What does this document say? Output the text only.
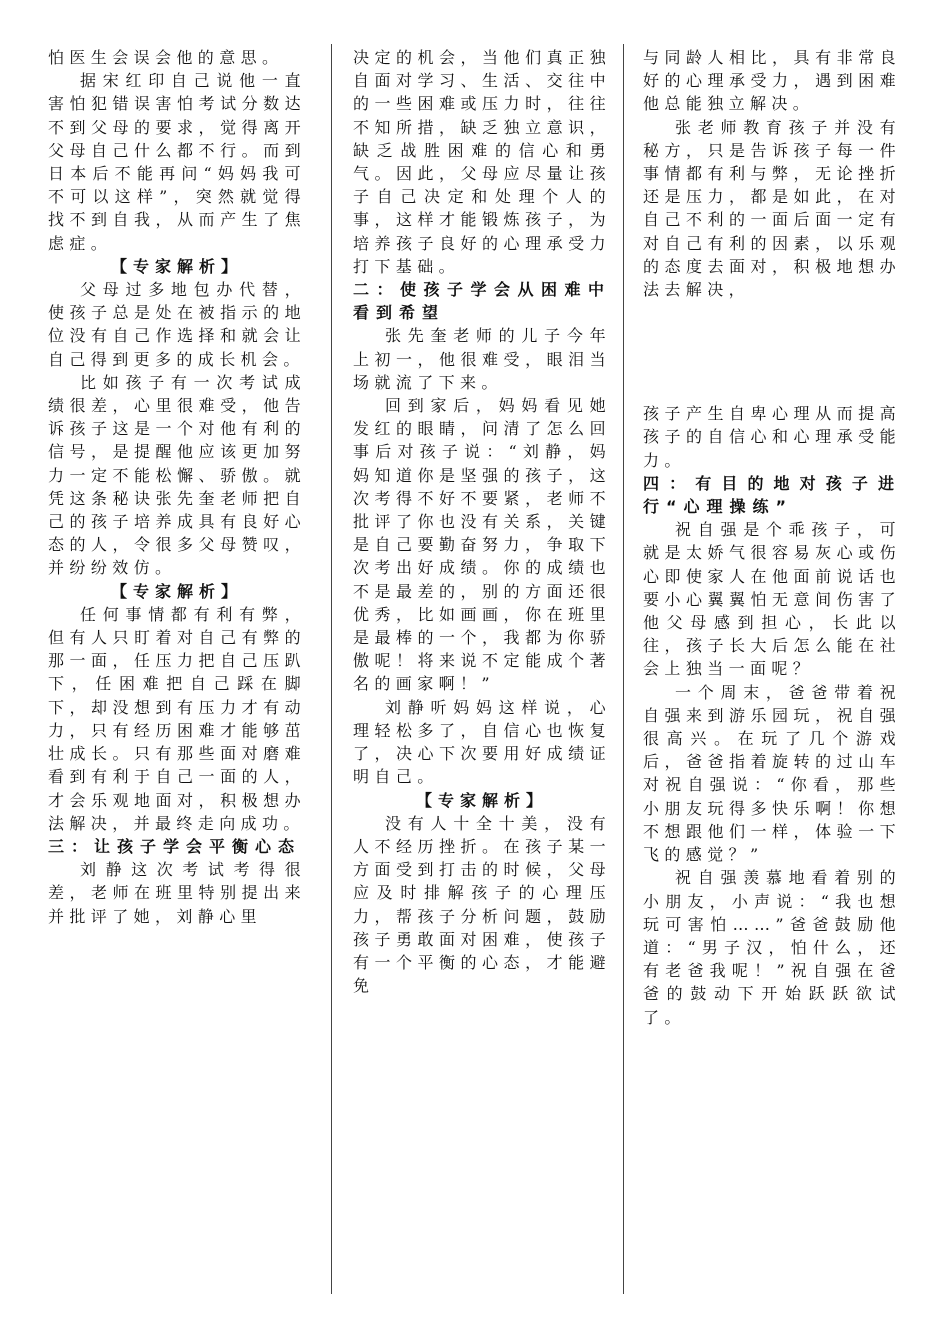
怕医生会误会他的意思。

据宋红印自己说他一直害怕犯错误害怕考试分数达不到父母的要求，觉得离开父母自己什么都不行。而到日本后不能再问“妈妈我可不可以这样”，突然就觉得找不到自我，从而产生了焦虑症。

【专家解析】

父母过多地包办代替，使孩子总是处在被指示的地位没有自己作选择和就会让自己得到更多的成长机会。

比如孩子有一次考试成绩很差，心里很难受，他告诉孩子这是一个对他有利的信号，是提醒他应该更加努力一定不能松懈、骄傲。就凭这条秘诀张先奎老师把自己的孩子培养成具有良好心态的人，令很多父母赞叹，并纷纷效仿。

【专家解析】

任何事情都有利有弊，但有人只盯着对自己有弊的那一面，任压力把自己压趴下，任困难把自己踩在脚下，却没想到有压力才有动力，只有经历困难才能够茁壮成长。只有那些面对磨难看到有利于自己一面的人，才会乐观地面对，积极想办法解决，并最终走向成功。

三：让孩子学会平衡心态

刘静这次考试考得很差，老师在班里特别提出来并批评了她，刘静心里

决定的机会，当他们真正独自面对学习、生活、交往中的一些困难或压力时，往往不知所措，缺乏独立意识，缺乏战胜困难的信心和勇气。因此，父母应尽量让孩子自己决定和处理个人的事，这样才能锻炼孩子，为培养孩子良好的心理承受力打下基础。

二：使孩子学会从困难中看到希望

张先奎老师的儿子今年上初一，他很难受，眼泪当场就流了下来。

回到家后，妈妈看见她发红的眼睛，问清了怎么回事后对孩子说：“刘静，妈妈知道你是坚强的孩子，这次考得不好不要紧，老师不批评了你也没有关系，关键是自己要勤奋努力，争取下次考出好成绩。你的成绩也不是最差的，别的方面还很优秀，比如画画，你在班里是最棒的一个，我都为你骄傲呢！将来说不定能成个著名的画家啊！”

刘静听妈妈这样说，心理轻松多了，自信心也恢复了，决心下次要用好成绩证明自己。

【专家解析】

没有人十全十美，没有人不经历挫折。在孩子某一方面受到打击的时候，父母应及时排解孩子的心理压力，帮孩子分析问题，鼓励孩子勇敢面对困难，使孩子有一个平衡的心态，才能避免

与同龄人相比，具有非常良好的心理承受力，遇到困难他总能独立解决。

张老师教育孩子并没有秘方，只是告诉孩子每一件事情都有利与弊，无论挫折还是压力，都是如此，在对自己不利的一面后面一定有对自己有利的因素，以乐观的态度去面对，积极地想办法去解决，

孩子产生自卑心理从而提高孩子的自信心和心理承受能力。

四：有目的地对孩子进行“心理操练”

祝自强是个乖孩子，可就是太娇气很容易灰心或伤心即使家人在他面前说话也要小心翼翼怕无意间伤害了他父母感到担心，长此以往，孩子长大后怎么能在社会上独当一面呢？

一个周末，爸爸带着祝自强来到游乐园玩，祝自强很高兴。在玩了几个游戏后，爸爸指着旋转的过山车对祝自强说：“你看，那些小朋友玩得多快乐啊！你想不想跟他们一样，体验一下飞的感觉？”

祝自强羡慕地看着别的小朋友，小声说：“我也想玩可害怕……”爸爸鼓励他道：“男子汉，怕什么，还有老爸我呢！”祝自强在爸爸的鼓动下开始跃跃欲试了。
